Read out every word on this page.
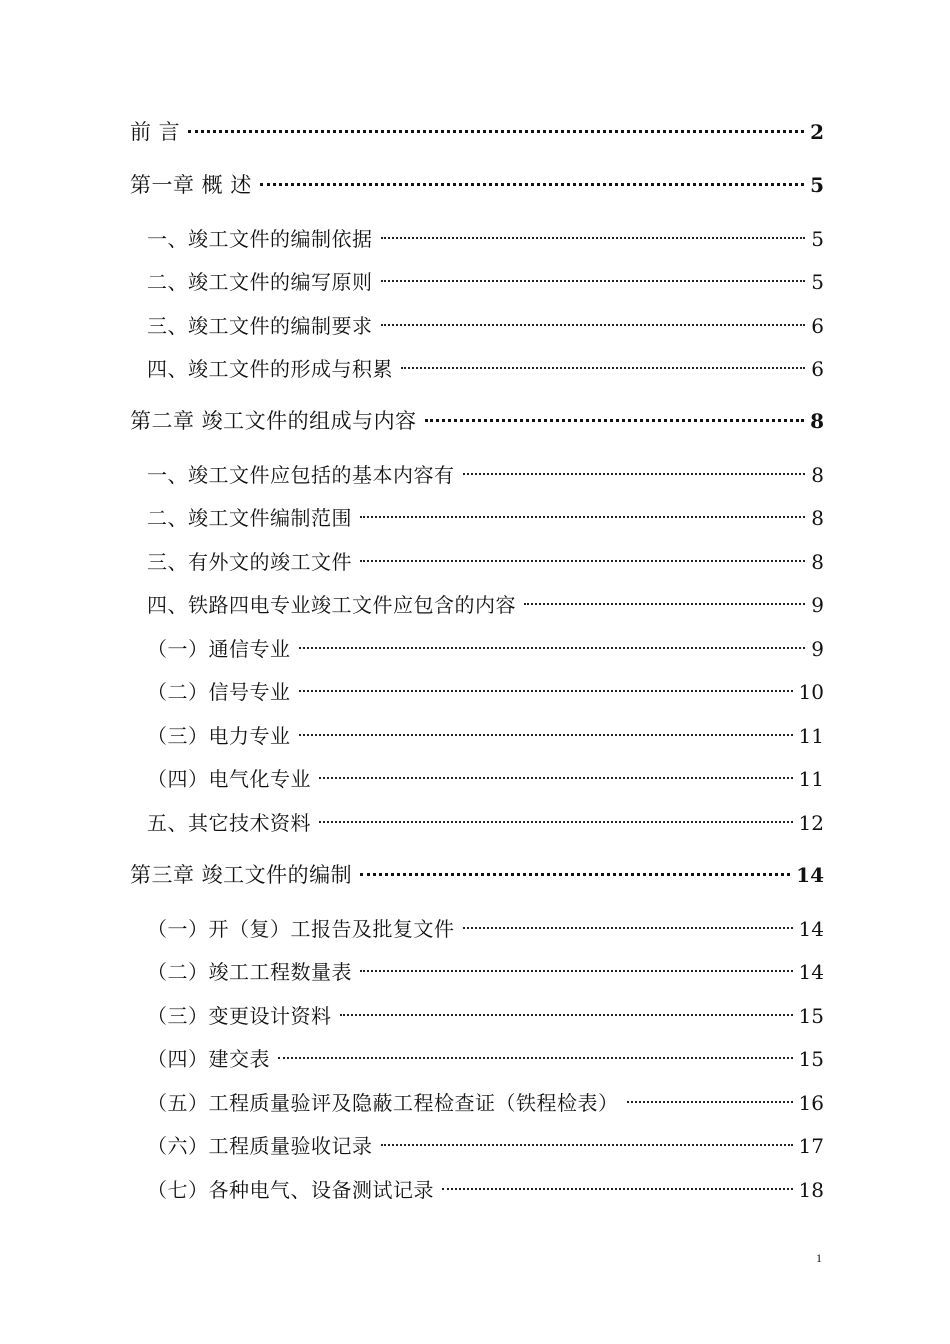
前 言	2
第一章 概 述	5
一、竣工文件的编制依据	5
二、竣工文件的编写原则	5
三、竣工文件的编制要求	6
四、竣工文件的形成与积累	6
第二章 竣工文件的组成与内容	8
一、竣工文件应包括的基本内容有	8
二、竣工文件编制范围	8
三、有外文的竣工文件	8
四、铁路四电专业竣工文件应包含的内容	9
（一）通信专业	9
（二）信号专业	10
（三）电力专业	11
（四）电气化专业	11
五、其它技术资料	12
第三章 竣工文件的编制	14
（一）开（复）工报告及批复文件	14
（二）竣工工程数量表	14
（三）变更设计资料	15
（四）建交表	15
（五）工程质量验评及隐蔽工程检查证（铁程检表）	16
（六）工程质量验收记录	17
（七）各种电气、设备测试记录	18
1
